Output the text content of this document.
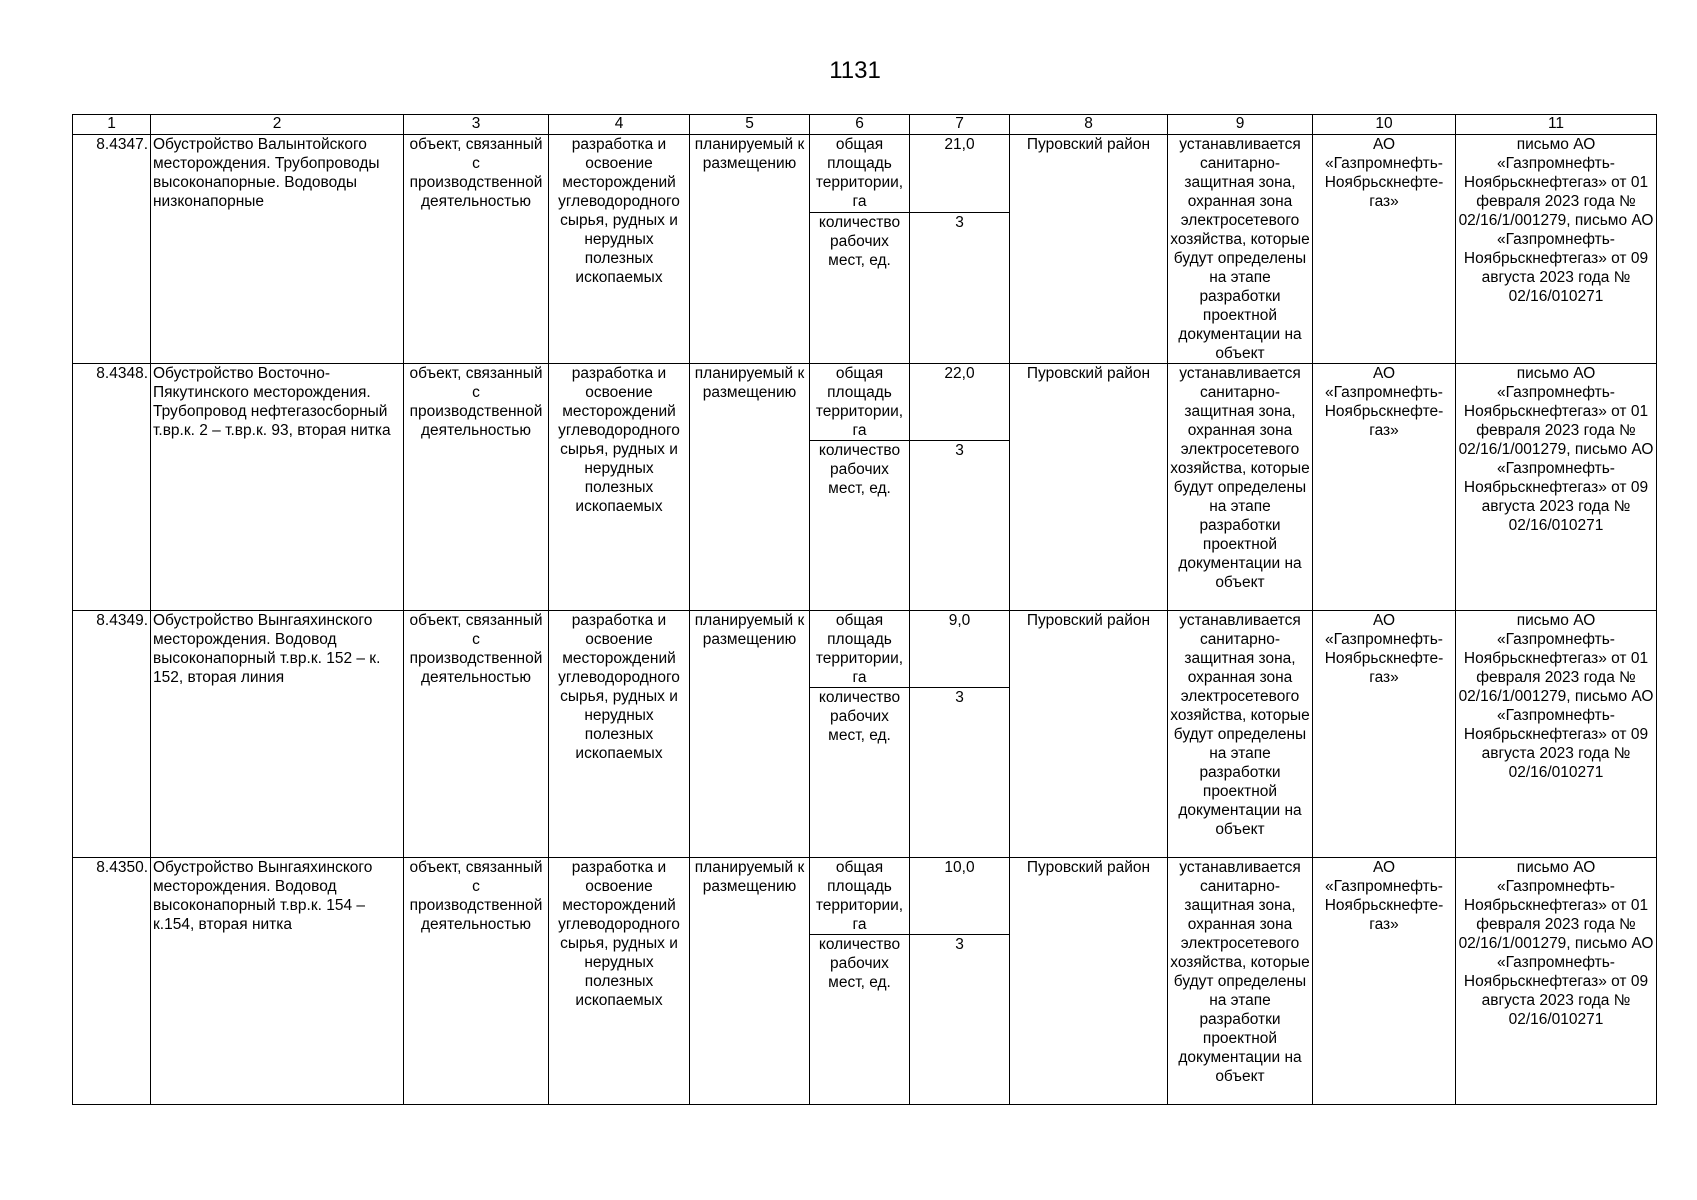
1131
1	2	3	4	5	6	7	8	9	10	11
8.4347.	Обустройство Валынтойского месторождения. Трубопроводы высоконапорные. Водоводы низконапорные	объект, связанный с производственной деятельностью	разработка и освоение месторождений углеводородного сырья, рудных и нерудных полезных ископаемых	планируемый к размещению	общая площадь территории, га	21,0	Пуровский район	устанавливается санитарно-защитная зона, охранная зона электросетевого хозяйства, которые будут определены на этапе разработки проектной документации на объект	АО «Газпромнефть-Ноябрьскнефте-газ»	письмо АО «Газпромнефть-Ноябрьскнефтегаз» от 01 февраля 2023 года № 02/16/1/001279, письмо АО «Газпромнефть-Ноябрьскнефтегаз» от 09 августа 2023 года № 02/16/010271
					количество рабочих мест, ед.	3				
8.4348.	Обустройство Восточно-Пякутинского месторождения. Трубопровод нефтегазосборный т.вр.к. 2 – т.вр.к. 93, вторая нитка	объект, связанный с производственной деятельностью	разработка и освоение месторождений углеводородного сырья, рудных и нерудных полезных ископаемых	планируемый к размещению	общая площадь территории, га	22,0	Пуровский район	устанавливается санитарно-защитная зона, охранная зона электросетевого хозяйства, которые будут определены на этапе разработки проектной документации на объект	АО «Газпромнефть-Ноябрьскнефте-газ»	письмо АО «Газпромнефть-Ноябрьскнефтегаз» от 01 февраля 2023 года № 02/16/1/001279, письмо АО «Газпромнефть-Ноябрьскнефтегаз» от 09 августа 2023 года № 02/16/010271
					количество рабочих мест, ед.	3				
8.4349.	Обустройство Вынгаяхинского месторождения. Водовод высоконапорный т.вр.к. 152 – к. 152, вторая линия	объект, связанный с производственной деятельностью	разработка и освоение месторождений углеводородного сырья, рудных и нерудных полезных ископаемых	планируемый к размещению	общая площадь территории, га	9,0	Пуровский район	устанавливается санитарно-защитная зона, охранная зона электросетевого хозяйства, которые будут определены на этапе разработки проектной документации на объект	АО «Газпромнефть-Ноябрьскнефте-газ»	письмо АО «Газпромнефть-Ноябрьскнефтегаз» от 01 февраля 2023 года № 02/16/1/001279, письмо АО «Газпромнефть-Ноябрьскнефтегаз» от 09 августа 2023 года № 02/16/010271
					количество рабочих мест, ед.	3				
8.4350.	Обустройство Вынгаяхинского месторождения. Водовод высоконапорный т.вр.к. 154 – к.154, вторая нитка	объект, связанный с производственной деятельностью	разработка и освоение месторождений углеводородного сырья, рудных и нерудных полезных ископаемых	планируемый к размещению	общая площадь территории, га	10,0	Пуровский район	устанавливается санитарно-защитная зона, охранная зона электросетевого хозяйства, которые будут определены на этапе разработки проектной документации на объект	АО «Газпромнефть-Ноябрьскнефте-газ»	письмо АО «Газпромнефть-Ноябрьскнефтегаз» от 01 февраля 2023 года № 02/16/1/001279, письмо АО «Газпромнефть-Ноябрьскнефтегаз» от 09 августа 2023 года № 02/16/010271
					количество рабочих мест, ед.	3				
